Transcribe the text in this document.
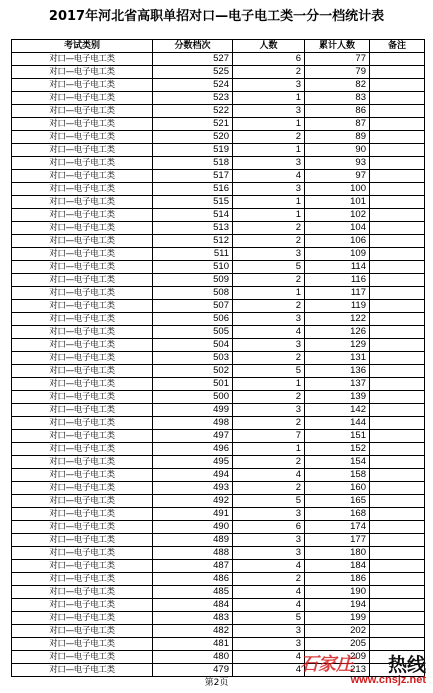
2017年河北省高职单招对口—电子电工类一分一档统计表
考试类别	分数档次	人数	累计人数	备注
对口—电子电工类	527	6	77	
对口—电子电工类	525	2	79	
对口—电子电工类	524	3	82	
对口—电子电工类	523	1	83	
对口—电子电工类	522	3	86	
对口—电子电工类	521	1	87	
对口—电子电工类	520	2	89	
对口—电子电工类	519	1	90	
对口—电子电工类	518	3	93	
对口—电子电工类	517	4	97	
对口—电子电工类	516	3	100	
对口—电子电工类	515	1	101	
对口—电子电工类	514	1	102	
对口—电子电工类	513	2	104	
对口—电子电工类	512	2	106	
对口—电子电工类	511	3	109	
对口—电子电工类	510	5	114	
对口—电子电工类	509	2	116	
对口—电子电工类	508	1	117	
对口—电子电工类	507	2	119	
对口—电子电工类	506	3	122	
对口—电子电工类	505	4	126	
对口—电子电工类	504	3	129	
对口—电子电工类	503	2	131	
对口—电子电工类	502	5	136	
对口—电子电工类	501	1	137	
对口—电子电工类	500	2	139	
对口—电子电工类	499	3	142	
对口—电子电工类	498	2	144	
对口—电子电工类	497	7	151	
对口—电子电工类	496	1	152	
对口—电子电工类	495	2	154	
对口—电子电工类	494	4	158	
对口—电子电工类	493	2	160	
对口—电子电工类	492	5	165	
对口—电子电工类	491	3	168	
对口—电子电工类	490	6	174	
对口—电子电工类	489	3	177	
对口—电子电工类	488	3	180	
对口—电子电工类	487	4	184	
对口—电子电工类	486	2	186	
对口—电子电工类	485	4	190	
对口—电子电工类	484	4	194	
对口—电子电工类	483	5	199	
对口—电子电工类	482	3	202	
对口—电子电工类	481	3	205	
对口—电子电工类	480	4	209	
对口—电子电工类	479	4	213	
第2页
石家庄 热线
www.cnsjz.net
